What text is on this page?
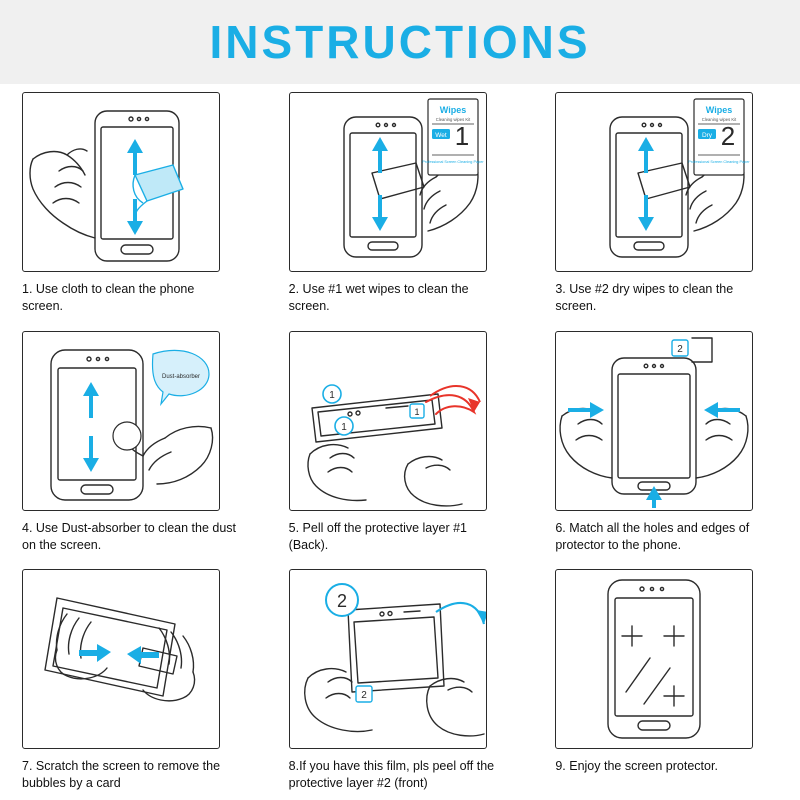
INSTRUCTIONS
1. Use cloth to clean the phone screen.
Wipes
Cleaning wipes Kit
Wet 1
Professional Screen Cleaning Paper
2. Use #1 wet wipes to clean the screen.
Wipes
Cleaning wipes Kit
Dry 2
Professional Screen Cleaning Paper
3. Use #2 dry wipes to clean the screen.
Dust-absorber
4. Use Dust-absorber to clean the dust on the screen.
1
1
1
5. Pell off the protective layer #1 (Back).
2
6. Match all the holes and edges of protector to the phone.
7. Scratch the screen to remove the bubbles by a card
2
2
8.If you have this film, pls peel off the protective layer #2 (front)
9. Enjoy the screen protector.
